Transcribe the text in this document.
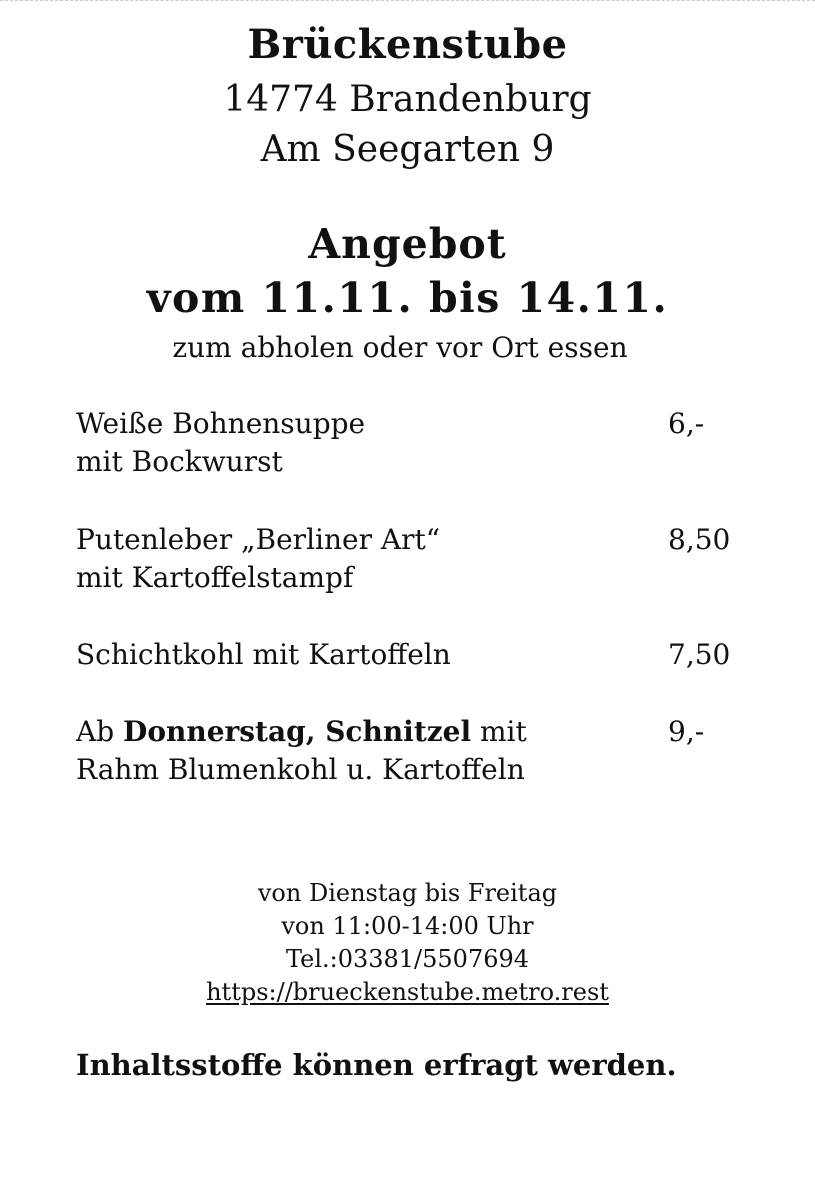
Brückenstube
14774 Brandenburg
Am Seegarten 9
Angebot
vom 11.11. bis 14.11.
zum abholen oder vor Ort essen
Weiße Bohnensuppe
mit Bockwurst
6,-
Putenleber „Berliner Art“
mit Kartoffelstampf
8,50
Schichtkohl mit Kartoffeln	7,50
Ab Donnerstag, Schnitzel mit
Rahm Blumenkohl u. Kartoffeln
9,-
von Dienstag bis Freitag
von 11:00-14:00 Uhr
Tel.:03381/5507694
https://brueckenstube.metro.rest
Inhaltsstoffe können erfragt werden.
